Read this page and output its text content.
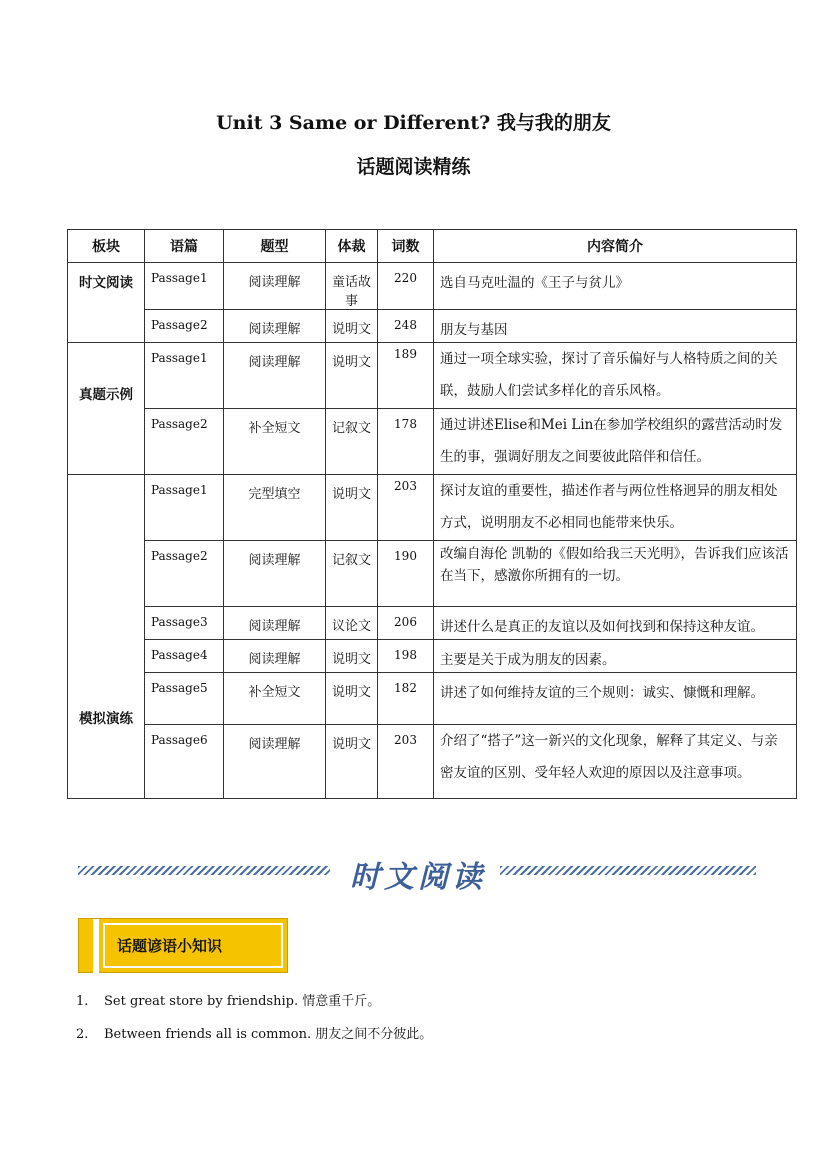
Unit 3 Same or Different? 我与我的朋友
话题阅读精练
板块	语篇	题型	体裁	词数	内容简介
时文阅读	Passage1	阅读理解	童话故事	220	选自马克吐温的《王子与贫儿》
	Passage2	阅读理解	说明文	248	朋友与基因
真题示例	Passage1	阅读理解	说明文	189	通过一项全球实验，探讨了音乐偏好与人格特质之间的关联，鼓励人们尝试多样化的音乐风格。
	Passage2	补全短文	记叙文	178	通过讲述Elise和Mei Lin在参加学校组织的露营活动时发生的事，强调好朋友之间要彼此陪伴和信任。
模拟演练	Passage1	完型填空	说明文	203	探讨友谊的重要性，描述作者与两位性格迥异的朋友相处方式，说明朋友不必相同也能带来快乐。
	Passage2	阅读理解	记叙文	190	改编自海伦 凯勒的《假如给我三天光明》，告诉我们应该活在当下，感激你所拥有的一切。
	Passage3	阅读理解	议论文	206	讲述什么是真正的友谊以及如何找到和保持这种友谊。
	Passage4	阅读理解	说明文	198	主要是关于成为朋友的因素。
	Passage5	补全短文	说明文	182	讲述了如何维持友谊的三个规则：诚实、慷慨和理解。
	Passage6	阅读理解	说明文	203	介绍了“搭子”这一新兴的文化现象，解释了其定义、与亲密友谊的区别、受年轻人欢迎的原因以及注意事项。
时文阅读
话题谚语小知识
1. Set great store by friendship. 情意重千斤。
2. Between friends all is common. 朋友之间不分彼此。
